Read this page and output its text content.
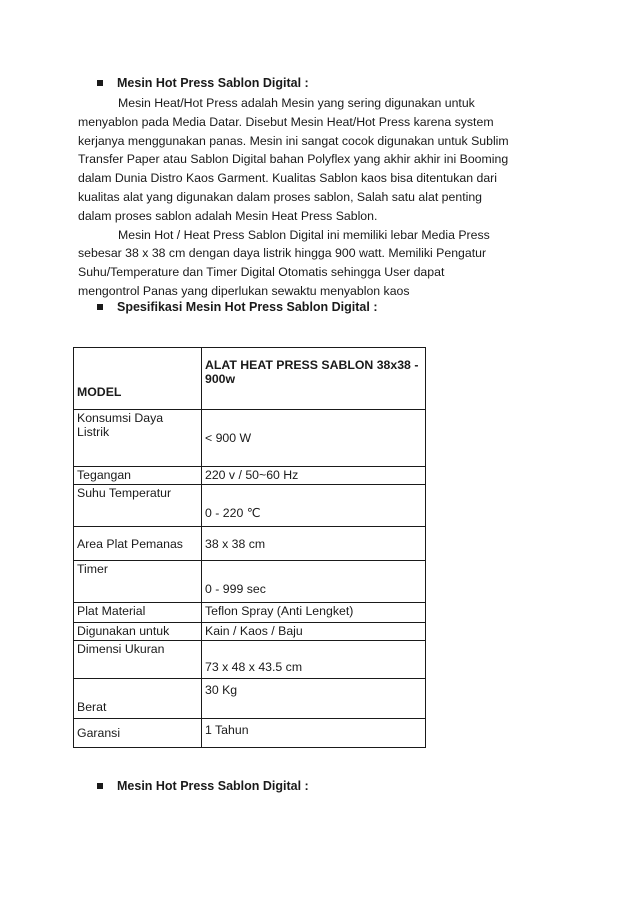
Mesin Hot Press Sablon Digital :
Mesin Heat/Hot Press adalah Mesin yang sering digunakan untuk
menyablon pada Media Datar. Disebut Mesin Heat/Hot Press karena system
kerjanya menggunakan panas. Mesin ini sangat cocok digunakan untuk Sublim
Transfer Paper atau Sablon Digital bahan Polyflex yang akhir akhir ini Booming
dalam Dunia Distro Kaos Garment. Kualitas Sablon kaos bisa ditentukan dari
kualitas alat yang digunakan dalam proses sablon, Salah satu alat penting
dalam proses sablon adalah Mesin Heat Press Sablon.
Mesin Hot / Heat Press Sablon Digital ini memiliki lebar Media Press
sebesar 38 x 38 cm dengan daya listrik hingga 900 watt. Memiliki Pengatur
Suhu/Temperature dan Timer Digital Otomatis sehingga User dapat
mengontrol Panas yang diperlukan sewaktu menyablon kaos
Spesifikasi Mesin Hot Press Sablon Digital :
MODEL	ALAT HEAT PRESS SABLON 38x38 - 900w
Konsumsi Daya Listrik	< 900 W
Tegangan	220 v / 50~60 Hz
Suhu Temperatur	0 - 220 ℃
Area Plat Pemanas	38 x 38 cm
Timer	0 - 999 sec
Plat Material	Teflon Spray (Anti Lengket)
Digunakan untuk	Kain / Kaos / Baju
Dimensi Ukuran	73 x 48 x 43.5 cm
Berat	30 Kg
Garansi	1 Tahun
Mesin Hot Press Sablon Digital :
